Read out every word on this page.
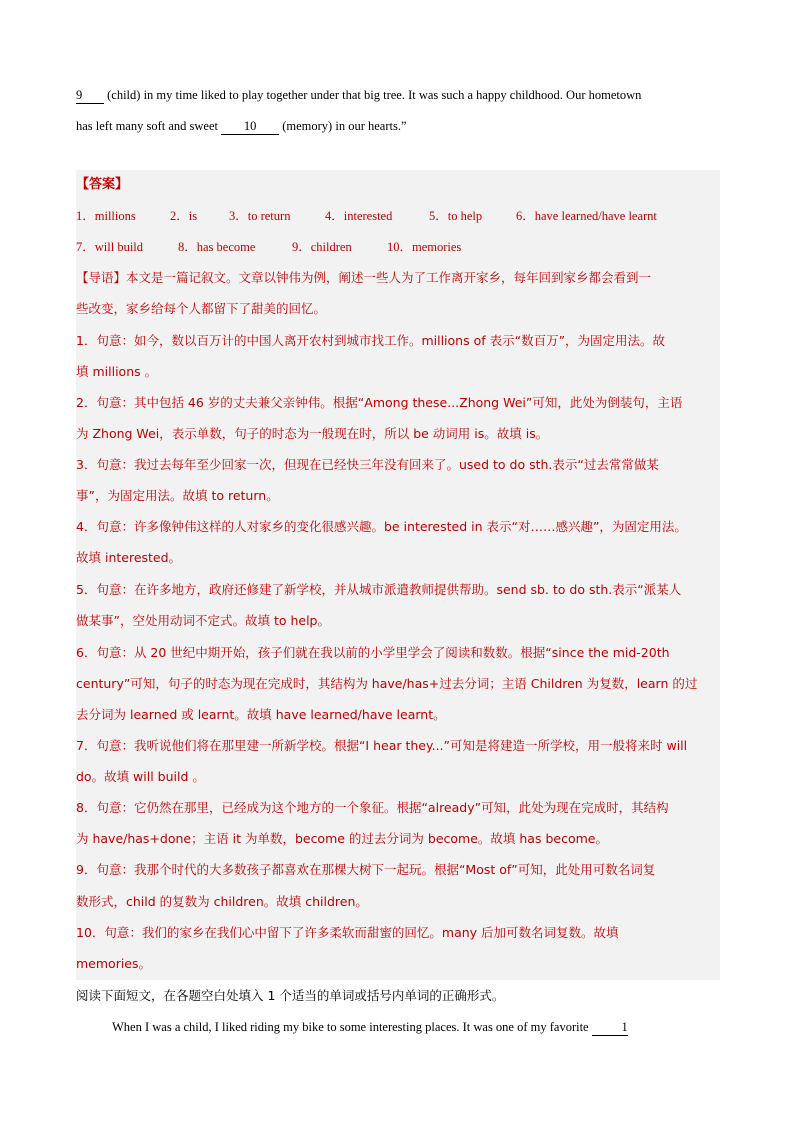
9 (child) in my time liked to play together under that big tree. It was such a happy childhood. Our hometown
has left many soft and sweet 10 (memory) in our hearts.”
【答案】
1．millions	2．is	3．to return	4．interested	5．to help	6．have learned/have learnt
7．will build	8．has become	9．children	10．memories
【导语】本文是一篇记叙文。文章以钟伟为例，阐述一些人为了工作离开家乡，每年回到家乡都会看到一
些改变，家乡给每个人都留下了甜美的回忆。
1．句意：如今，数以百万计的中国人离开农村到城市找工作。millions of 表示“数百万”，为固定用法。故
填 millions 。
2．句意：其中包括 46 岁的丈夫兼父亲钟伟。根据“Among these...Zhong Wei”可知，此处为倒装句，主语
为 Zhong Wei，表示单数，句子的时态为一般现在时，所以 be 动词用 is。故填 is。
3．句意：我过去每年至少回家一次，但现在已经快三年没有回来了。used to do sth.表示“过去常常做某
事”，为固定用法。故填 to return。
4．句意：许多像钟伟这样的人对家乡的变化很感兴趣。be interested in 表示“对……感兴趣”，为固定用法。
故填 interested。
5．句意：在许多地方，政府还修建了新学校，并从城市派遣教师提供帮助。send sb. to do sth.表示“派某人
做某事”，空处用动词不定式。故填 to help。
6．句意：从 20 世纪中期开始，孩子们就在我以前的小学里学会了阅读和数数。根据“since the mid-20th
century”可知，句子的时态为现在完成时，其结构为 have/has+过去分词；主语 Children 为复数，learn 的过
去分词为 learned 或 learnt。故填 have learned/have learnt。
7．句意：我听说他们将在那里建一所新学校。根据“I hear they...”可知是将建造一所学校，用一般将来时 will
do。故填 will build 。
8．句意：它仍然在那里，已经成为这个地方的一个象征。根据“already”可知，此处为现在完成时，其结构
为 have/has+done；主语 it 为单数，become 的过去分词为 become。故填 has become。
9．句意：我那个时代的大多数孩子都喜欢在那棵大树下一起玩。根据“Most of”可知，此处用可数名词复
数形式，child 的复数为 children。故填 children。
10．句意：我们的家乡在我们心中留下了许多柔软而甜蜜的回忆。many 后加可数名词复数。故填
memories。
阅读下面短文，在各题空白处填入 1 个适当的单词或括号内单词的正确形式。
When I was a child, I liked riding my bike to some interesting places. It was one of my favorite 1
